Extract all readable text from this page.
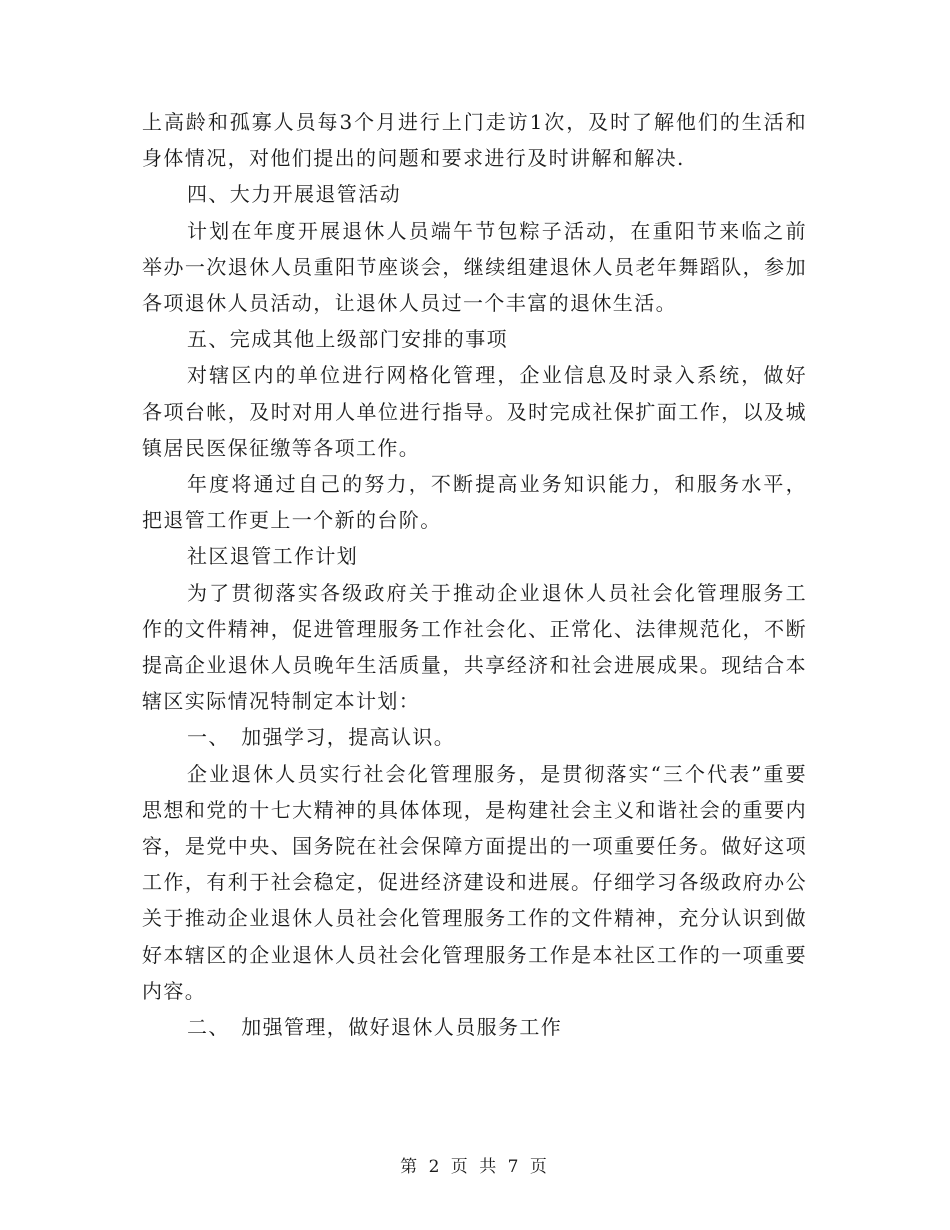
上高龄和孤寡人员每3个月进行上门走访1次，及时了解他们的生活和身体情况，对他们提出的问题和要求进行及时讲解和解决.

四、大力开展退管活动

计划在年度开展退休人员端午节包粽子活动，在重阳节来临之前举办一次退休人员重阳节座谈会，继续组建退休人员老年舞蹈队，参加各项退休人员活动，让退休人员过一个丰富的退休生活。

五、完成其他上级部门安排的事项

对辖区内的单位进行网格化管理，企业信息及时录入系统，做好各项台帐，及时对用人单位进行指导。及时完成社保扩面工作，以及城镇居民医保征缴等各项工作。

年度将通过自己的努力，不断提高业务知识能力，和服务水平，把退管工作更上一个新的台阶。

社区退管工作计划

为了贯彻落实各级政府关于推动企业退休人员社会化管理服务工作的文件精神，促进管理服务工作社会化、正常化、法律规范化，不断提高企业退休人员晚年生活质量，共享经济和社会进展成果。现结合本辖区实际情况特制定本计划：

一、　加强学习，提高认识。

企业退休人员实行社会化管理服务，是贯彻落实“三个代表”重要思想和党的十七大精神的具体体现，是构建社会主义和谐社会的重要内容，是党中央、国务院在社会保障方面提出的一项重要任务。做好这项工作，有利于社会稳定，促进经济建设和进展。仔细学习各级政府办公关于推动企业退休人员社会化管理服务工作的文件精神，充分认识到做好本辖区的企业退休人员社会化管理服务工作是本社区工作的一项重要内容。

二、　加强管理，做好退休人员服务工作

第 2 页 共 7 页
